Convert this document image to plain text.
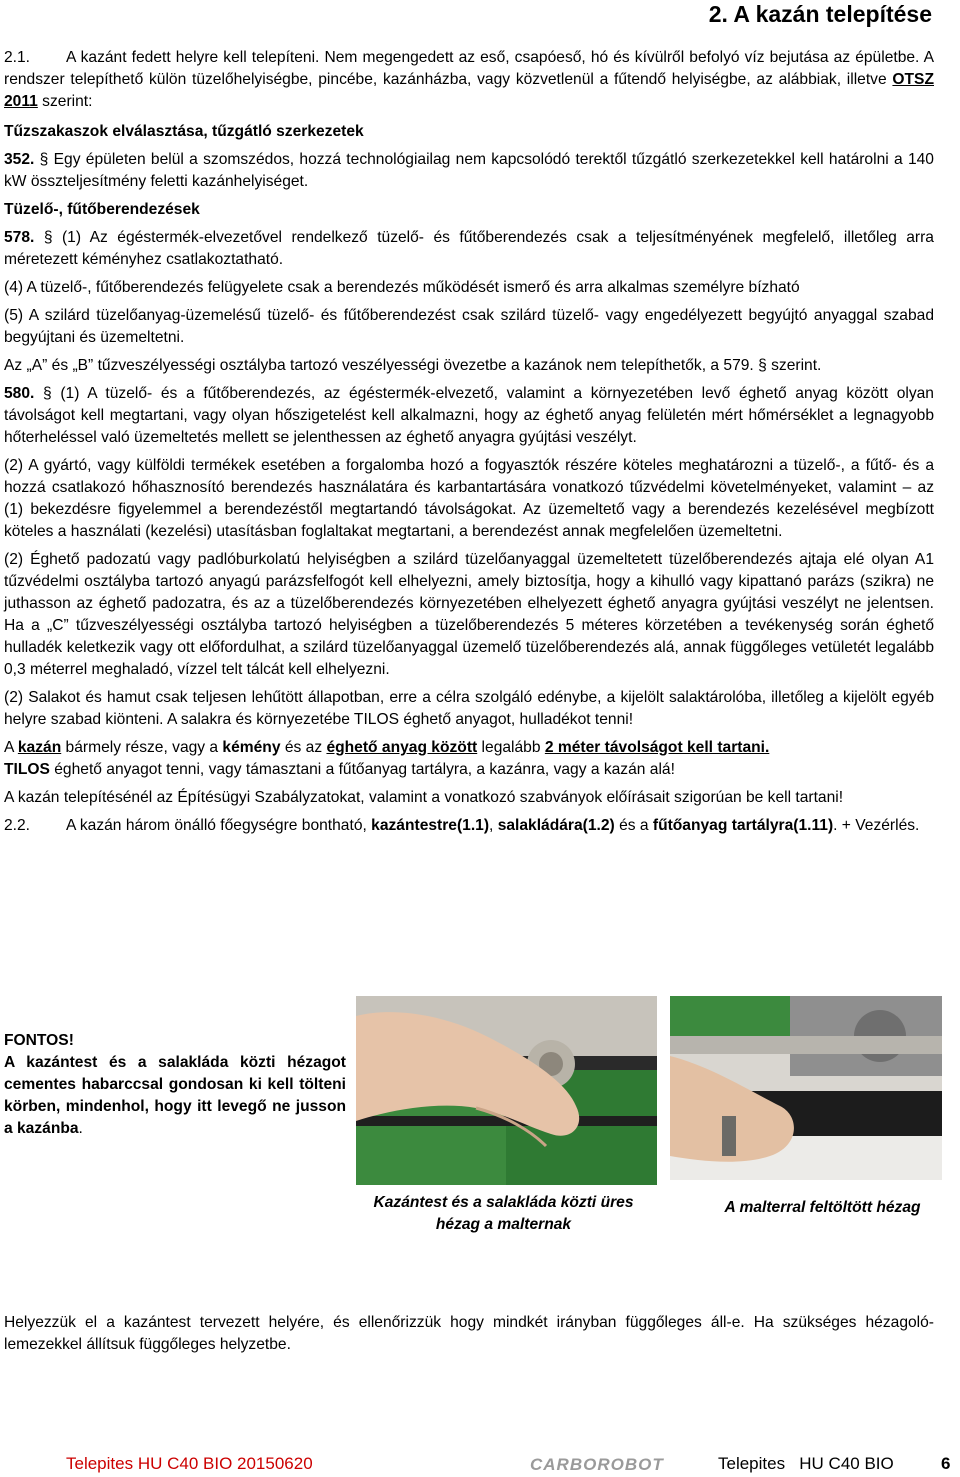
2. A kazán telepítése

2.1. A kazánt fedett helyre kell telepíteni. Nem megengedett az eső, csapóeső, hó és kívülről befolyó víz bejutása az épületbe. A rendszer telepíthető külön tüzelőhelyiségbe, pincébe, kazánházba, vagy közvetlenül a fűtendő helyiségbe, az alábbiak, illetve OTSZ 2011 szerint:

Tűzszakaszok elválasztása, tűzgátló szerkezetek

352. § Egy épületen belül a szomszédos, hozzá technológiailag nem kapcsolódó terektől tűzgátló szerkezetekkel kell határolni a 140 kW összteljesítmény feletti kazánhelyiséget.

Tüzelő-, fűtőberendezések

578. § (1) Az égéstermék-elvezetővel rendelkező tüzelő- és fűtőberendezés csak a teljesítményének megfelelő, illetőleg arra méretezett kéményhez csatlakoztatható.

(4) A tüzelő-, fűtőberendezés felügyelete csak a berendezés működését ismerő és arra alkalmas személyre bízható

(5) A szilárd tüzelőanyag-üzemelésű tüzelő- és fűtőberendezést csak szilárd tüzelő- vagy engedélyezett begyújtó anyaggal szabad begyújtani és üzemeltetni.

Az „A” és „B” tűzveszélyességi osztályba tartozó veszélyességi övezetbe a kazánok nem telepíthetők, a 579. § szerint.

580. § (1) A tüzelő- és a fűtőberendezés, az égéstermék-elvezető, valamint a környezetében levő éghető anyag között olyan távolságot kell megtartani, vagy olyan hőszigetelést kell alkalmazni, hogy az éghető anyag felületén mért hőmérséklet a legnagyobb hőterheléssel való üzemeltetés mellett se jelenthessen az éghető anyagra gyújtási veszélyt.

(2) A gyártó, vagy külföldi termékek esetében a forgalomba hozó a fogyasztók részére köteles meghatározni a tüzelő-, a fűtő- és a hozzá csatlakozó hőhasznosító berendezés használatára és karbantartására vonatkozó tűzvédelmi követelményeket, valamint – az (1) bekezdésre figyelemmel a berendezéstől megtartandó távolságokat. Az üzemeltető vagy a berendezés kezelésével megbízott köteles a használati (kezelési) utasításban foglaltakat megtartani, a berendezést annak megfelelően üzemeltetni.

(2) Éghető padozatú vagy padlóburkolatú helyiségben a szilárd tüzelőanyaggal üzemeltetett tüzelőberendezés ajtaja elé olyan A1 tűzvédelmi osztályba tartozó anyagú parázsfelfogót kell elhelyezni, amely biztosítja, hogy a kihulló vagy kipattanó parázs (szikra) ne juthasson az éghető padozatra, és az a tüzelőberendezés környezetében elhelyezett éghető anyagra gyújtási veszélyt ne jelentsen. Ha a „C” tűzveszélyességi osztályba tartozó helyiségben a tüzelőberendezés 5 méteres körzetében a tevékenység során éghető hulladék keletkezik vagy ott előfordulhat, a szilárd tüzelőanyaggal üzemelő tüzelőberendezés alá, annak függőleges vetületét legalább 0,3 méterrel meghaladó, vízzel telt tálcát kell elhelyezni.

(2) Salakot és hamut csak teljesen lehűtött állapotban, erre a célra szolgáló edénybe, a kijelölt salaktárolóba, illetőleg a kijelölt egyéb helyre szabad kiönteni. A salakra és környezetébe TILOS éghető anyagot, hulladékot tenni!

A kazán bármely része, vagy a kémény és az éghető anyag között legalább 2 méter távolságot kell tartani.
TILOS éghető anyagot tenni, vagy támasztani a fűtőanyag tartályra, a kazánra, vagy a kazán alá!

A kazán telepítésénél az Építésügyi Szabályzatokat, valamint a vonatkozó szabványok előírásait szigorúan be kell tartani!

2.2. A kazán három önálló főegységre bontható, kazántestre(1.1), salakládára(1.2) és a fűtőanyag tartályra(1.11). + Vezérlés.

FONTOS!
A kazántest és a salakláda közti hézagot cementes habarccsal gondosan ki kell tölteni körben, mindenhol, hogy itt levegő ne jusson a kazánba.
Kazántest és a salakláda közti üres hézag a malternak
A malterral feltöltött hézag
Helyezzük el a kazántest tervezett helyére, és ellenőrizzük hogy mindkét irányban függőleges áll-e. Ha szükséges hézagoló-lemezekkel állítsuk függőleges helyzetbe.
Telepites HU C40 BIO 20150620	CARBOROBOT	Telepites   HU C40 BIO	6
